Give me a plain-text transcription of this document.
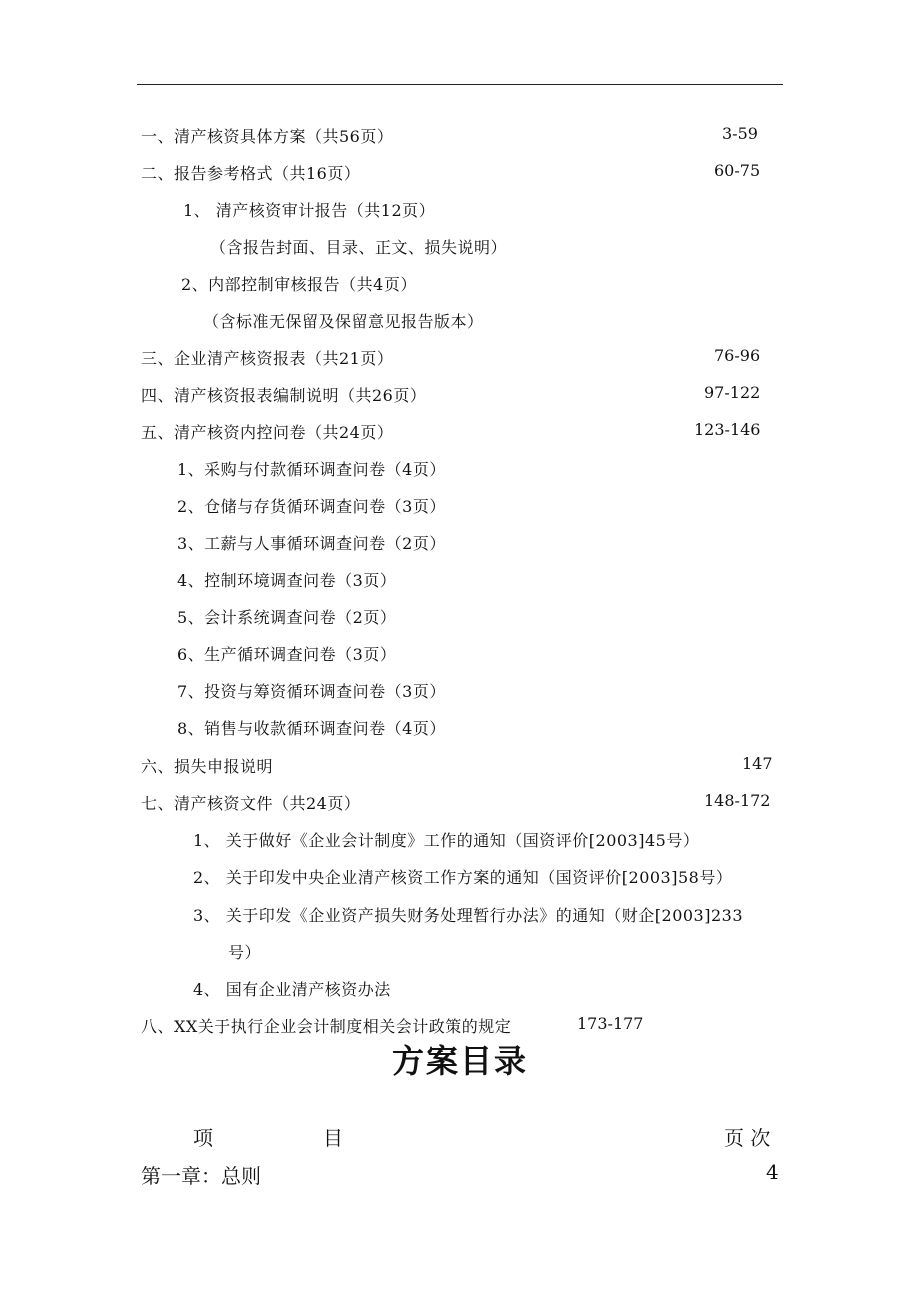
一、清产核资具体方案（共56页）	3-59
二、报告参考格式（共16页）	60-75
1、 清产核资审计报告（共12页）
（含报告封面、目录、正文、损失说明）
2、内部控制审核报告（共4页）
（含标准无保留及保留意见报告版本）
三、企业清产核资报表（共21页）	76-96
四、清产核资报表编制说明（共26页）	97-122
五、清产核资内控问卷（共24页）	123-146
1、采购与付款循环调查问卷（4页）
2、仓储与存货循环调查问卷（3页）
3、工薪与人事循环调查问卷（2页）
4、控制环境调查问卷（3页）
5、会计系统调查问卷（2页）
6、生产循环调查问卷（3页）
7、投资与筹资循环调查问卷（3页）
8、销售与收款循环调查问卷（4页）
六、损失申报说明	147
七、清产核资文件（共24页）	148-172
1、 关于做好《企业会计制度》工作的通知（国资评价[2003]45号）
2、 关于印发中央企业清产核资工作方案的通知（国资评价[2003]58号）
3、 关于印发《企业资产损失财务处理暂行办法》的通知（财企[2003]233
号）
4、 国有企业清产核资办法
八、XX关于执行企业会计制度相关会计政策的规定	173-177
方案目录
项	目	页 次
第一章：总则	4
